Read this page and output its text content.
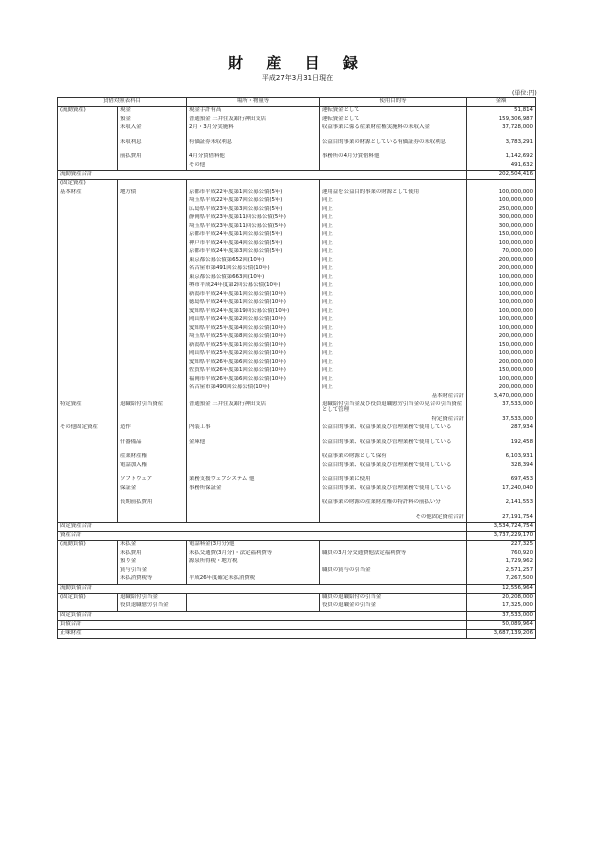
財 産 目 録
平成27年3月31日現在
(単位:円)
貸借対照表科目		場所・物量等	使用目的等	金額
(流動資産)	現金	現金手許有高	運転資金として	51,814
	預金	普通預金 三井住友銀行神田支店	運転資金として	159,306,987
	未収入金	2月・3月分実施料	収益事業に係る産業財産権実施料の未収入金	37,728,000
	未収利息	有価証券未収利息	公益目的事業の財源としている有価証券の未収利息	3,783,291
	前払費用	4月分賃借料他	事務所の4月分賃借料他	1,142,692
		その他		491,632
流動資産合計				202,504,416
(固定資産)				
基本財産	地方債	京都市平成22年度第1回公募公債(5年)	運用益を公益目的事業の財源として使用	100,000,000
		埼玉県平成22年度第7回公募公債(5年)	同上	100,000,000
		広島県平成23年度第3回公募公債(5年)	同上	250,000,000
		静岡県平成23年度第11回公募公債(5年)	同上	300,000,000
		埼玉県平成23年度第11回公募公債(5年)	同上	300,000,000
		京都市平成24年度第1回公募公債(5年)	同上	150,000,000
		神戸市平成24年度第4回公募公債(5年)	同上	100,000,000
		京都市平成24年度第3回公募公債(5年)	同上	70,000,000
		東京都公募公債第652回(10年)	同上	200,000,000
		名古屋市第491回公募公債(10年)	同上	200,000,000
		東京都公募公債第663回(10年)	同上	100,000,000
		堺市平成24年度第2回公募公債(10年)	同上	100,000,000
		新潟市平成24年度第1回公募公債(10年)	同上	100,000,000
		徳島県平成24年度第1回公募公債(10年)	同上	100,000,000
		愛知県平成24年度第19回公募公債(10年)	同上	100,000,000
		岡山県平成24年度第2回公募公債(10年)	同上	100,000,000
		愛知県平成25年度第4回公募公債(10年)	同上	100,000,000
		埼玉県平成25年度第8回公募公債(10年)	同上	200,000,000
		新潟県平成25年度第1回公募公債(10年)	同上	150,000,000
		岡山県平成25年度第2回公募公債(10年)	同上	100,000,000
		愛知県平成26年度第6回公募公債(10年)	同上	200,000,000
		佐賀県平成26年度第1回公募公債(10年)	同上	150,000,000
		福岡市平成26年度第6回公募公債(10年)	同上	100,000,000
		名古屋市第490回公募公債(10年)	同上	200,000,000
			基本財産合計	3,470,000,000
特定資産	退職給付引当資産	普通預金 三井住友銀行神田支店	退職給付引当金及び役員退職慰労引当金の見合の引当資産として管理	37,533,000
			特定資産合計	37,533,000
その他固定資産	造作	内装工事	公益目的事業、収益事業及び管理業務で使用している	287,934
	什器備品	金庫他	公益目的事業、収益事業及び管理業務で使用している	192,458
	産業財産権		収益事業の財源として保有	6,103,931
	電話加入権		公益目的事業、収益事業及び管理業務で使用している	328,394
	ソフトウェア	業務支援ウェブシステム 他	公益目的事業に使用	697,453
	保証金	事務所保証金	公益目的事業、収益事業及び管理業務で使用している	17,240,040
	長期前払費用		収益事業の財源の産業財産権の特許料の前払い分	2,141,553
			その他固定資産合計	27,191,754
固定資産合計				3,534,724,754
資産合計				3,737,229,170
(流動負債)	未払金	電話料金(3月分)他		227,325
	未払費用	未払交通費(3月分)・法定福利費等	職員の3月分交通費他法定福利費等	760,920
	預り金	源泉所得税・地方税		1,729,962
	賞与引当金		職員の賞与の引当金	2,571,257
	未払消費税等	平成26年度確定未払消費税		7,267,500
流動負債合計				12,556,964
(固定負債)	退職給付引当金		職員の退職給付の引当金	20,208,000
	役員退職慰労引当金		役員の退職金の引当金	17,325,000
固定負債合計				37,533,000
負債合計				50,089,964
正味財産				3,687,139,206
